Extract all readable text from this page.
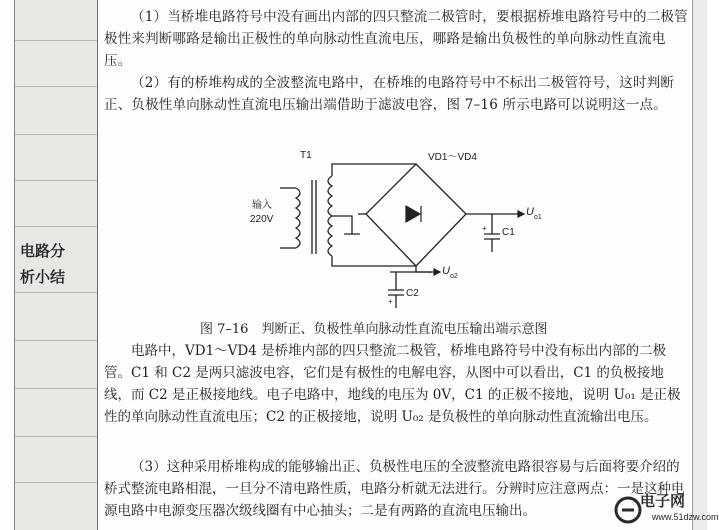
电路分
析小结

（1）当桥堆电路符号中没有画出内部的四只整流二极管时，要根据桥堆电路符号中的二极管极性来判断哪路是输出正极性的单向脉动性直流电压，哪路是输出负极性的单向脉动性直流电压。

（2）有的桥堆构成的全波整流电路中，在桥堆的电路符号中不标出二极管符号，这时判断正、负极性单向脉动性直流电压输出端借助于滤波电容，图 7–16 所示电路可以说明这一点。

T1
输入
220V
VD1～VD4
U o1
U o2
C1
C2
+
+
图 7–16　判断正、负极性单向脉动性直流电压输出端示意图

电路中，VD1～VD4 是桥堆内部的四只整流二极管，桥堆电路符号中没有标出内部的二极管。C1 和 C2 是两只滤波电容，它们是有极性的电解电容，从图中可以看出，C1 的负极接地线，而 C2 是正极接地线。电子电路中，地线的电压为 0V，C1 的正极不接地，说明 U₀₁ 是正极性的单向脉动性直流电压；C2 的正极接地，说明 U₀₂ 是负极性的单向脉动性直流输出电压。

（3）这种采用桥堆构成的能够输出正、负极性电压的全波整流电路很容易与后面将要介绍的桥式整流电路相混，一旦分不清电路性质，电路分析就无法进行。分辨时应注意两点：一是这种电源电路中电源变压器次级线圈有中心抽头；二是有两路的直流电压输出。

电子网
www.51dzw.com
